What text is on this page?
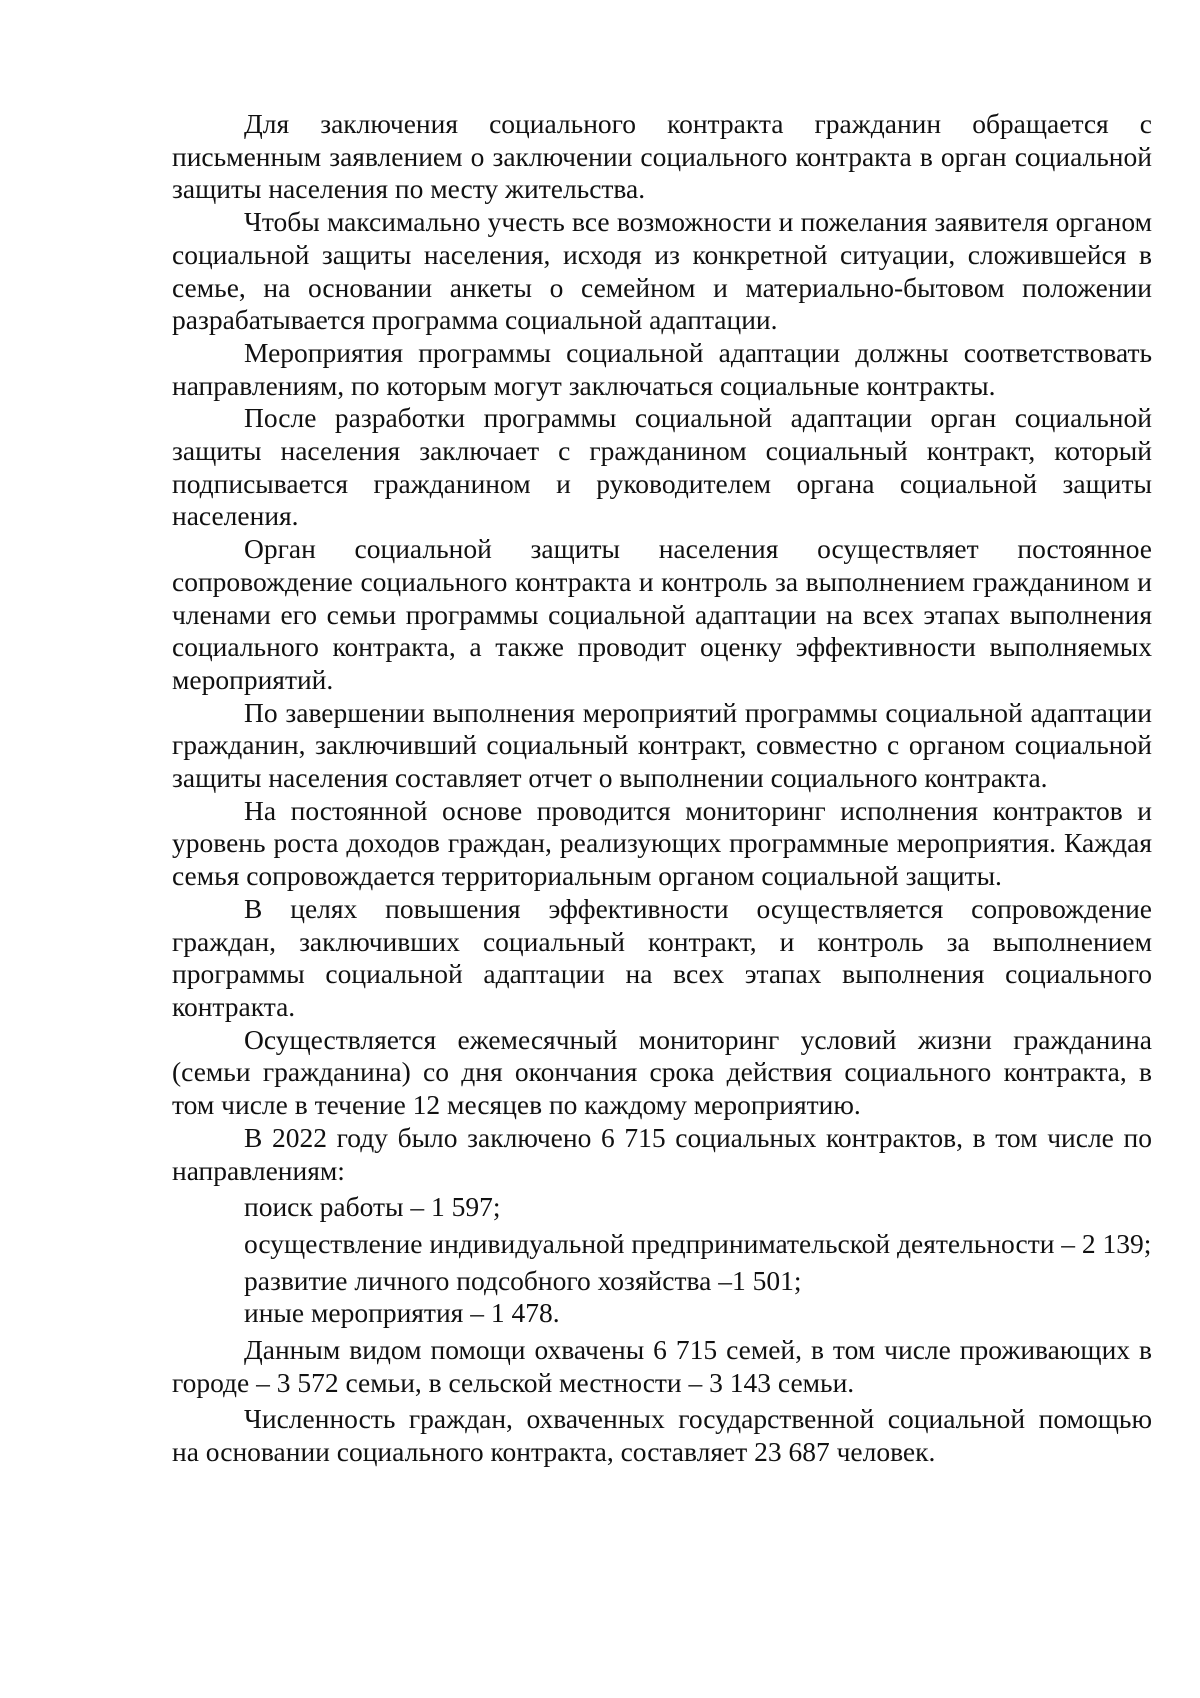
Для заключения социального контракта гражданин обращается с письменным заявлением о заключении социального контракта в орган социальной защиты населения по месту жительства.

Чтобы максимально учесть все возможности и пожелания заявителя органом социальной защиты населения, исходя из конкретной ситуации, сложившейся в семье, на основании анкеты о семейном и материально-бытовом положении разрабатывается программа социальной адаптации.

Мероприятия программы социальной адаптации должны соответствовать направлениям, по которым могут заключаться социальные контракты.

После разработки программы социальной адаптации орган социальной защиты населения заключает с гражданином социальный контракт, который подписывается гражданином и руководителем органа социальной защиты населения.

Орган социальной защиты населения осуществляет постоянное сопровождение социального контракта и контроль за выполнением гражданином и членами его семьи программы социальной адаптации на всех этапах выполнения социального контракта, а также проводит оценку эффективности выполняемых мероприятий.

По завершении выполнения мероприятий программы социальной адаптации гражданин, заключивший социальный контракт, совместно с органом социальной защиты населения составляет отчет о выполнении социального контракта.

На постоянной основе проводится мониторинг исполнения контрактов и уровень роста доходов граждан, реализующих программные мероприятия. Каждая семья сопровождается территориальным органом социальной защиты.

В целях повышения эффективности осуществляется сопровождение граждан, заключивших социальный контракт, и контроль за выполнением программы социальной адаптации на всех этапах выполнения социального контракта.

Осуществляется ежемесячный мониторинг условий жизни гражданина (семьи гражданина) со дня окончания срока действия социального контракта, в том числе в течение 12 месяцев по каждому мероприятию.

В 2022 году было заключено 6 715 социальных контрактов, в том числе по направлениям:

поиск работы – 1 597;

осуществление индивидуальной предпринимательской деятельности – 2 139;

развитие личного подсобного хозяйства –1 501;

иные мероприятия – 1 478.

Данным видом помощи охвачены 6 715 семей, в том числе проживающих в городе – 3 572 семьи, в сельской местности – 3 143 семьи.

Численность граждан, охваченных государственной социальной помощью на основании социального контракта, составляет 23 687 человек.
